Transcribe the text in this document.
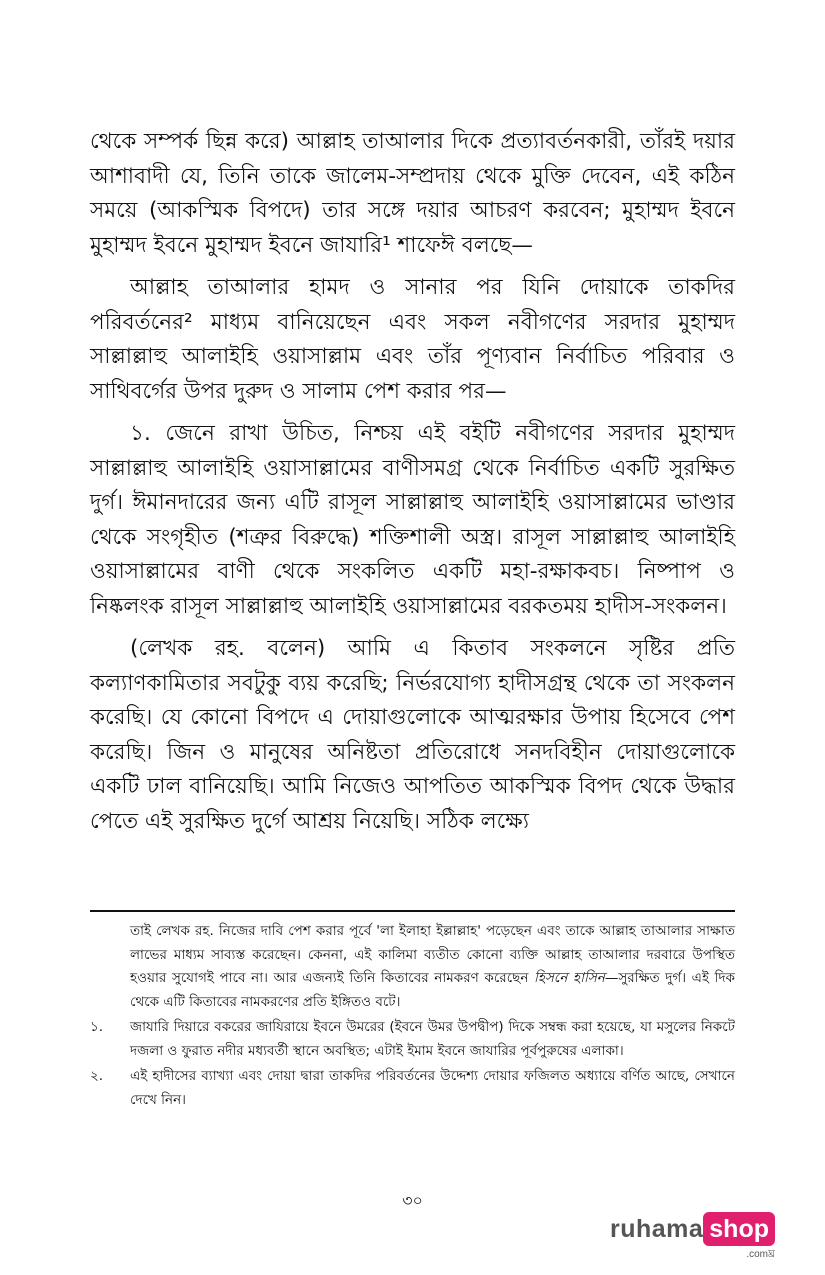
থেকে সম্পর্ক ছিন্ন করে) আল্লাহ তাআলার দিকে প্রত্যাবর্তনকারী, তাঁরই দয়ার আশাবাদী যে, তিনি তাকে জালেম-সম্প্রদায় থেকে মুক্তি দেবেন, এই কঠিন সময়ে (আকস্মিক বিপদে) তার সঙ্গে দয়ার আচরণ করবেন; মুহাম্মদ ইবনে মুহাম্মদ ইবনে মুহাম্মদ ইবনে জাযারি¹ শাফেঈ বলছে—

আল্লাহ তাআলার হামদ ও সানার পর যিনি দোয়াকে তাকদির পরিবর্তনের² মাধ্যম বানিয়েছেন এবং সকল নবীগণের সরদার মুহাম্মদ সাল্লাল্লাহু আলাইহি ওয়াসাল্লাম এবং তাঁর পূণ্যবান নির্বাচিত পরিবার ও সাথিবর্গের উপর দুরুদ ও সালাম পেশ করার পর—

১. জেনে রাখা উচিত, নিশ্চয় এই বইটি নবীগণের সরদার মুহাম্মদ সাল্লাল্লাহু আলাইহি ওয়াসাল্লামের বাণীসমগ্র থেকে নির্বাচিত একটি সুরক্ষিত দুর্গ। ঈমানদারের জন্য এটি রাসূল সাল্লাল্লাহু আলাইহি ওয়াসাল্লামের ভাণ্ডার থেকে সংগৃহীত (শত্রুর বিরুদ্ধে) শক্তিশালী অস্ত্র। রাসূল সাল্লাল্লাহু আলাইহি ওয়াসাল্লামের বাণী থেকে সংকলিত একটি মহা-রক্ষাকবচ। নিষ্পাপ ও নিষ্কলংক রাসূল সাল্লাল্লাহু আলাইহি ওয়াসাল্লামের বরকতময় হাদীস-সংকলন।

(লেখক রহ. বলেন) আমি এ কিতাব সংকলনে সৃষ্টির প্রতি কল্যাণকামিতার সবটুকু ব্যয় করেছি; নির্ভরযোগ্য হাদীসগ্রন্থ থেকে তা সংকলন করেছি। যে কোনো বিপদে এ দোয়াগুলোকে আত্মরক্ষার উপায় হিসেবে পেশ করেছি। জিন ও মানুষের অনিষ্টতা প্রতিরোধে সনদবিহীন দোয়াগুলোকে একটি ঢাল বানিয়েছি। আমি নিজেও আপতিত আকস্মিক বিপদ থেকে উদ্ধার পেতে এই সুরক্ষিত দুর্গে আশ্রয় নিয়েছি। সঠিক লক্ষ্যে

তাই লেখক রহ. নিজের দাবি পেশ করার পূর্বে 'লা ইলাহা ইল্লাল্লাহ' পড়েছেন এবং তাকে আল্লাহ তাআলার সাক্ষাত লাভের মাধ্যম সাব্যস্ত করেছেন। কেননা, এই কালিমা ব্যতীত কোনো ব্যক্তি আল্লাহ তাআলার দরবারে উপস্থিত হওয়ার সুযোগই পাবে না। আর এজন্যই তিনি কিতাবের নামকরণ করেছেন হিসনে হাসিন—সুরক্ষিত দুর্গ। এই দিক থেকে এটি কিতাবের নামকরণের প্রতি ইঙ্গিতও বটে।

১.	জাযারি দিয়ারে বকরের জাযিরায়ে ইবনে উমরের (ইবনে উমর উপদ্বীপ) দিকে সম্বন্ধ করা হয়েছে, যা মসুলের নিকটে দজলা ও ফুরাত নদীর মধ্যবর্তী স্থানে অবস্থিত; এটাই ইমাম ইবনে জাযারির পূর্বপুরুষের এলাকা।
২.	এই হাদীসের ব্যাখ্যা এবং দোয়া দ্বারা তাকদির পরিবর্তনের উদ্দেশ্য দোয়ার ফজিলত অধ্যায়ে বর্ণিত আছে, সেখানে দেখে নিন।
৩০
ruhama shop
.comঘ্র
